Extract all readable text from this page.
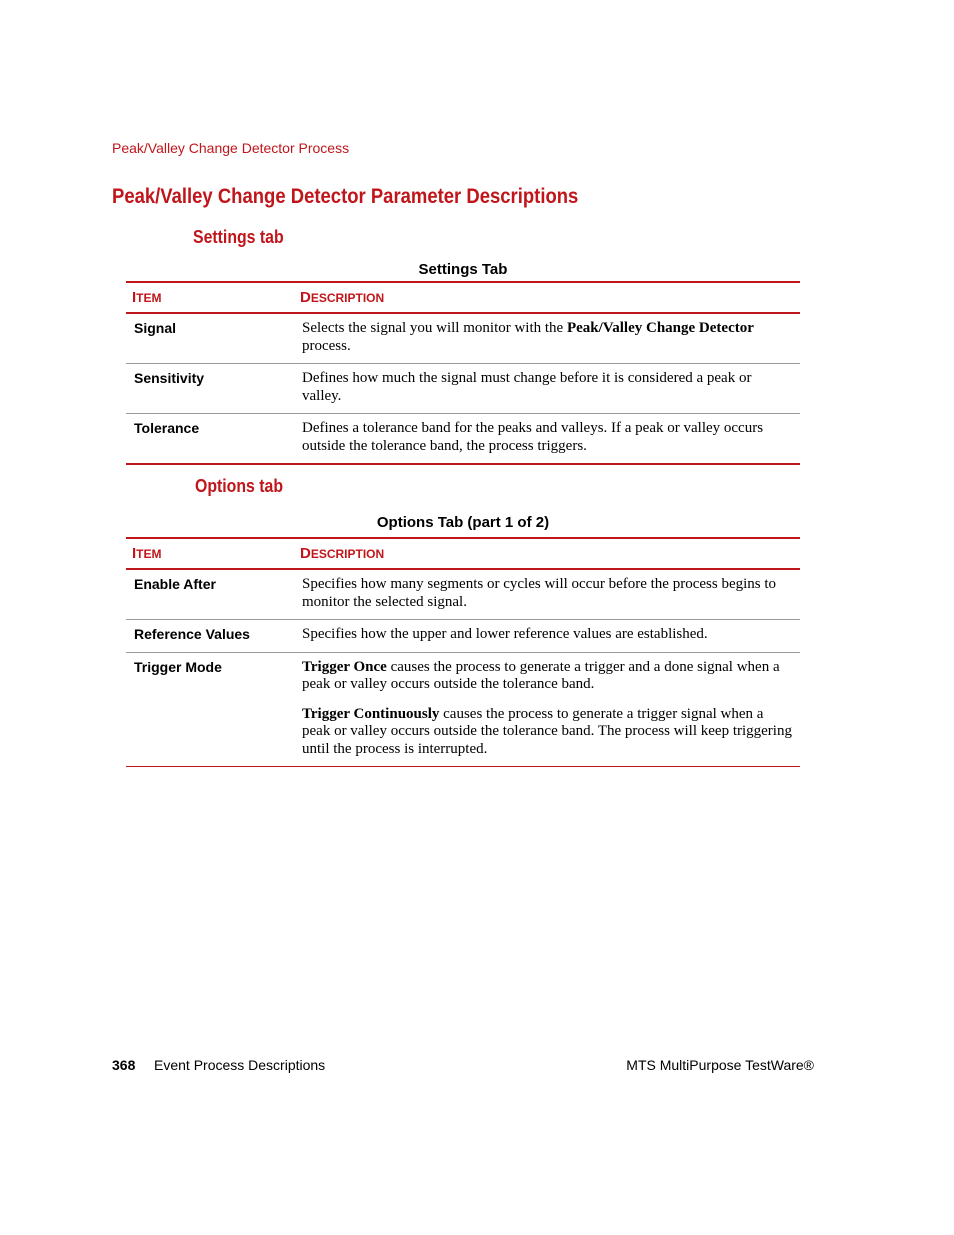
Peak/Valley Change Detector Process
Peak/Valley Change Detector Parameter Descriptions
Settings tab
Settings Tab
ITEM	DESCRIPTION
Signal	Selects the signal you will monitor with the Peak/Valley Change Detector process.
Sensitivity	Defines how much the signal must change before it is considered a peak or valley.
Tolerance	Defines a tolerance band for the peaks and valleys. If a peak or valley occurs outside the tolerance band, the process triggers.
Options tab
Options Tab (part 1 of 2)
ITEM	DESCRIPTION
Enable After	Specifies how many segments or cycles will occur before the process begins to monitor the selected signal.
Reference Values	Specifies how the upper and lower reference values are established.
Trigger Mode	Trigger Once causes the process to generate a trigger and a done signal when a peak or valley occurs outside the tolerance band.

Trigger Continuously causes the process to generate a trigger signal when a peak or valley occurs outside the tolerance band. The process will keep triggering until the process is interrupted.

368 Event Process Descriptions	MTS MultiPurpose TestWare®
